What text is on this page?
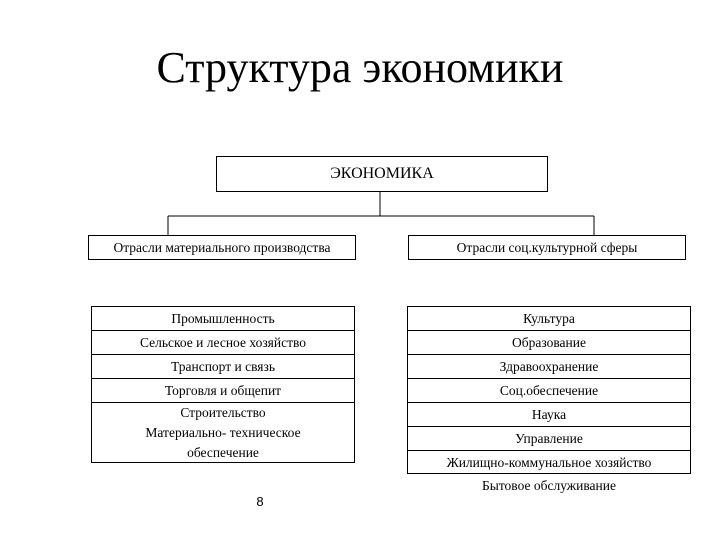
Структура экономики
ЭКОНОМИКА
Отрасли материального производства	Отрасли соц.культурной сферы
Промышленность
Сельское и лесное хозяйство
Транспорт и связь
Торговля и общепит
Строительство
Материально- техническое
обеспечение
Культура
Образование
Здравоохранение
Соц.обеспечение
Наука
Управление
Жилищно-коммунальное хозяйство
Бытовое обслуживание
8
